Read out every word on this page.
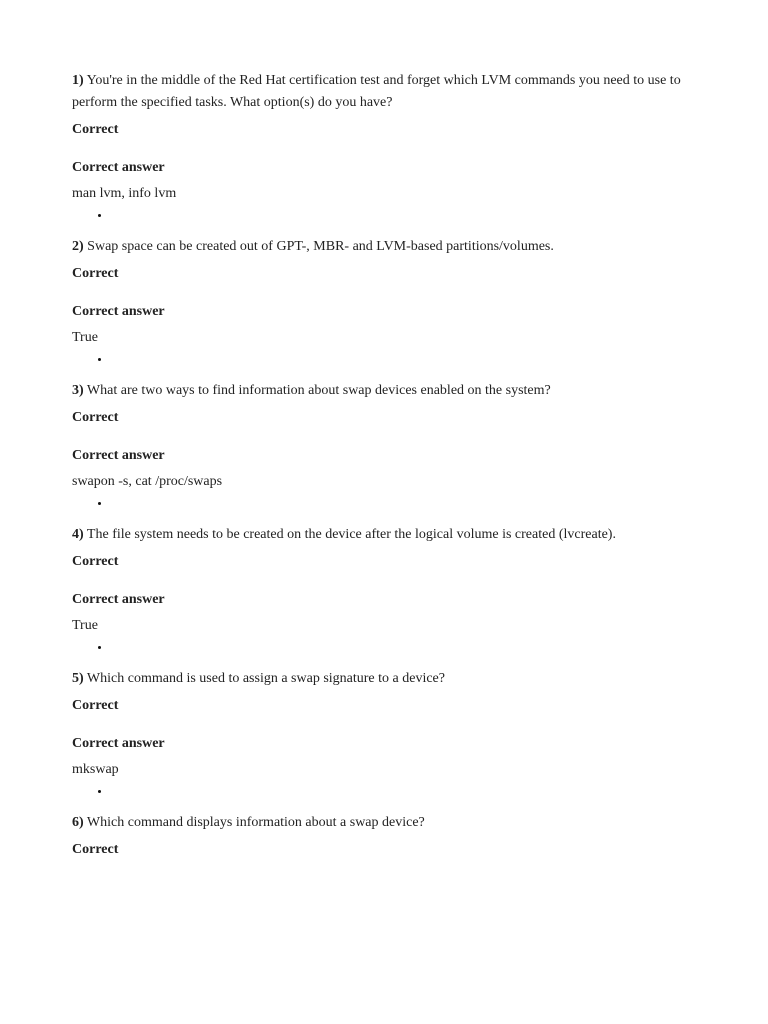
1) You're in the middle of the Red Hat certification test and forget which LVM commands you need to use to perform the specified tasks. What option(s) do you have?

Correct
Correct answer
man lvm, info lvm

2) Swap space can be created out of GPT-, MBR- and LVM-based partitions/volumes.

Correct
Correct answer
True

3) What are two ways to find information about swap devices enabled on the system?

Correct
Correct answer
swapon -s, cat /proc/swaps

4) The file system needs to be created on the device after the logical volume is created (lvcreate).

Correct
Correct answer
True

5) Which command is used to assign a swap signature to a device?

Correct
Correct answer
mkswap

6) Which command displays information about a swap device?

Correct
